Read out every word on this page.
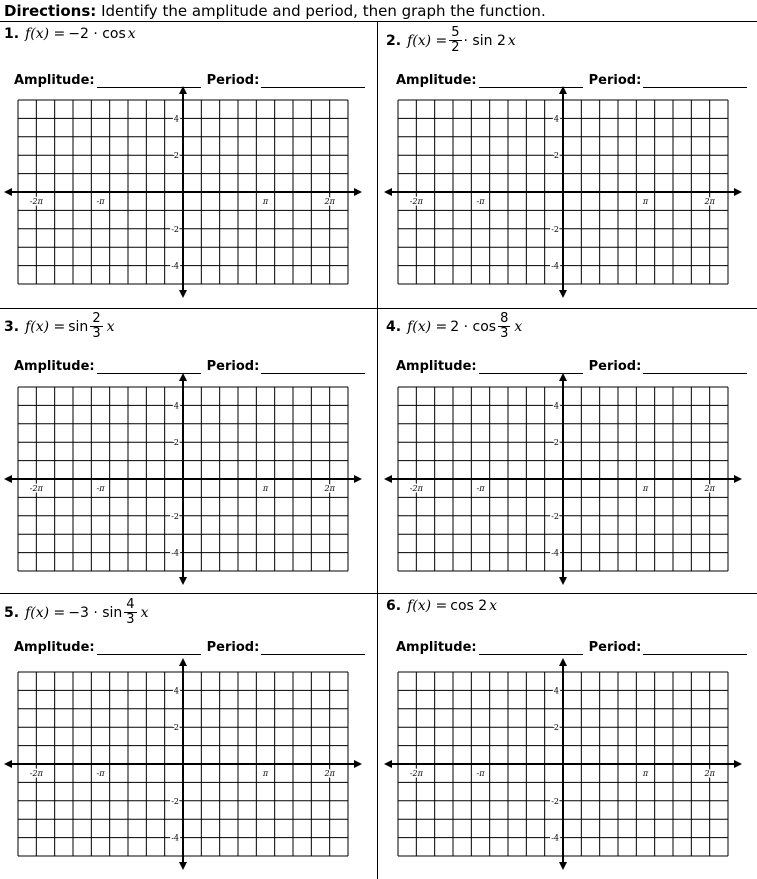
Directions: Identify the amplitude and period, then graph the function.
1. f(x) = −2 · cos x
Amplitude:	Period:
-2π	-π	π	2π
4
2
-2
-4
2. $f(x) = \frac{5}{2} \cdot \sin 2$ x
Amplitude:	Period:
-2π	-π	π	2π
4
2
-2
-4
3. $f(x) = \sin \frac{2}{3}$ x
Amplitude:	Period:
-2π	-π	π	2π
4
2
-2
-4
4. $f(x) = 2 \cdot \cos \frac{8}{3}$ x
Amplitude:	Period:
-2π	-π	π	2π
4
2
-2
-4
5. $f(x) = -3 \cdot \sin \frac{4}{3}$ x
Amplitude:	Period:
-2π	-π	π	2π
4
2
-2
-4
6. f(x) = cos 2 x
Amplitude:	Period:
-2π	-π	π	2π
4
2
-2
-4
